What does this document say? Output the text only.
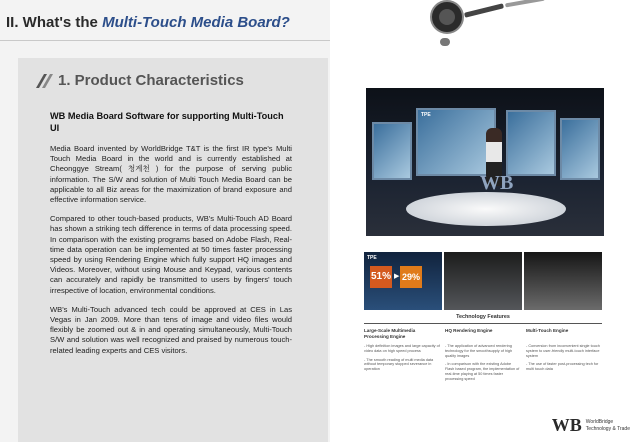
II. What's the Multi-Touch Media Board?
1. Product Characteristics
WB Media Board Software for supporting Multi-Touch UI

Media Board invented by WorldBridge T&T is the first IR type's Multi Touch Media Board in the world and is currently established at Cheonggye Stream( 청계천 ) for the purpose of serving public information. The S/W and solution of Multi Touch Media Board can be applicable to all Biz areas for the maximization of brand exposure and effective information service.

Compared to other touch-based products, WB's Multi-Touch AD Board has shown a striking tech difference in terms of data processing speed. In comparison with the existing programs based on Adobe Flash, Real-time data operation can be implemented at 50 times faster processing speed by using Rendering Engine which fully support HQ images and Videos. Moreover, without using Mouse and Keypad, various contents can accurately and rapidly be transmitted to users by fingers' touch irrespective of location, environmental conditions.

WB's Multi-Touch advanced tech could be approved at CES in Las Vegas in Jan 2009. More than tens of image and video files would flexibly be zoomed out & in and operating simultaneously, Multi-Touch S/W and solution was well recognized and praised by numerous touch-related leading experts and CES visitors.

TPE
WB
TPE
51% ▶ 29%
Technology Features
Large-Scale Multimedia Processing Engine
- High definition images and large capacity of video data on high speed process
- The smooth reading of multi media data without temporary stopped severance in operation
HQ Rendering Engine
- The application of advanced rendering technology for the smoothsupply of high quality images
- In comparison with the existing Adobe Flash based program, the implementation of real-time playing at 50 times faster processing speed
Multi-Touch Engine
- Conversion from inconvenient single touch system to user-friendly multi-touch interface system
- The use of faster post-processing tech for multi touch data
WB WorldBridge
Technology & Trade
